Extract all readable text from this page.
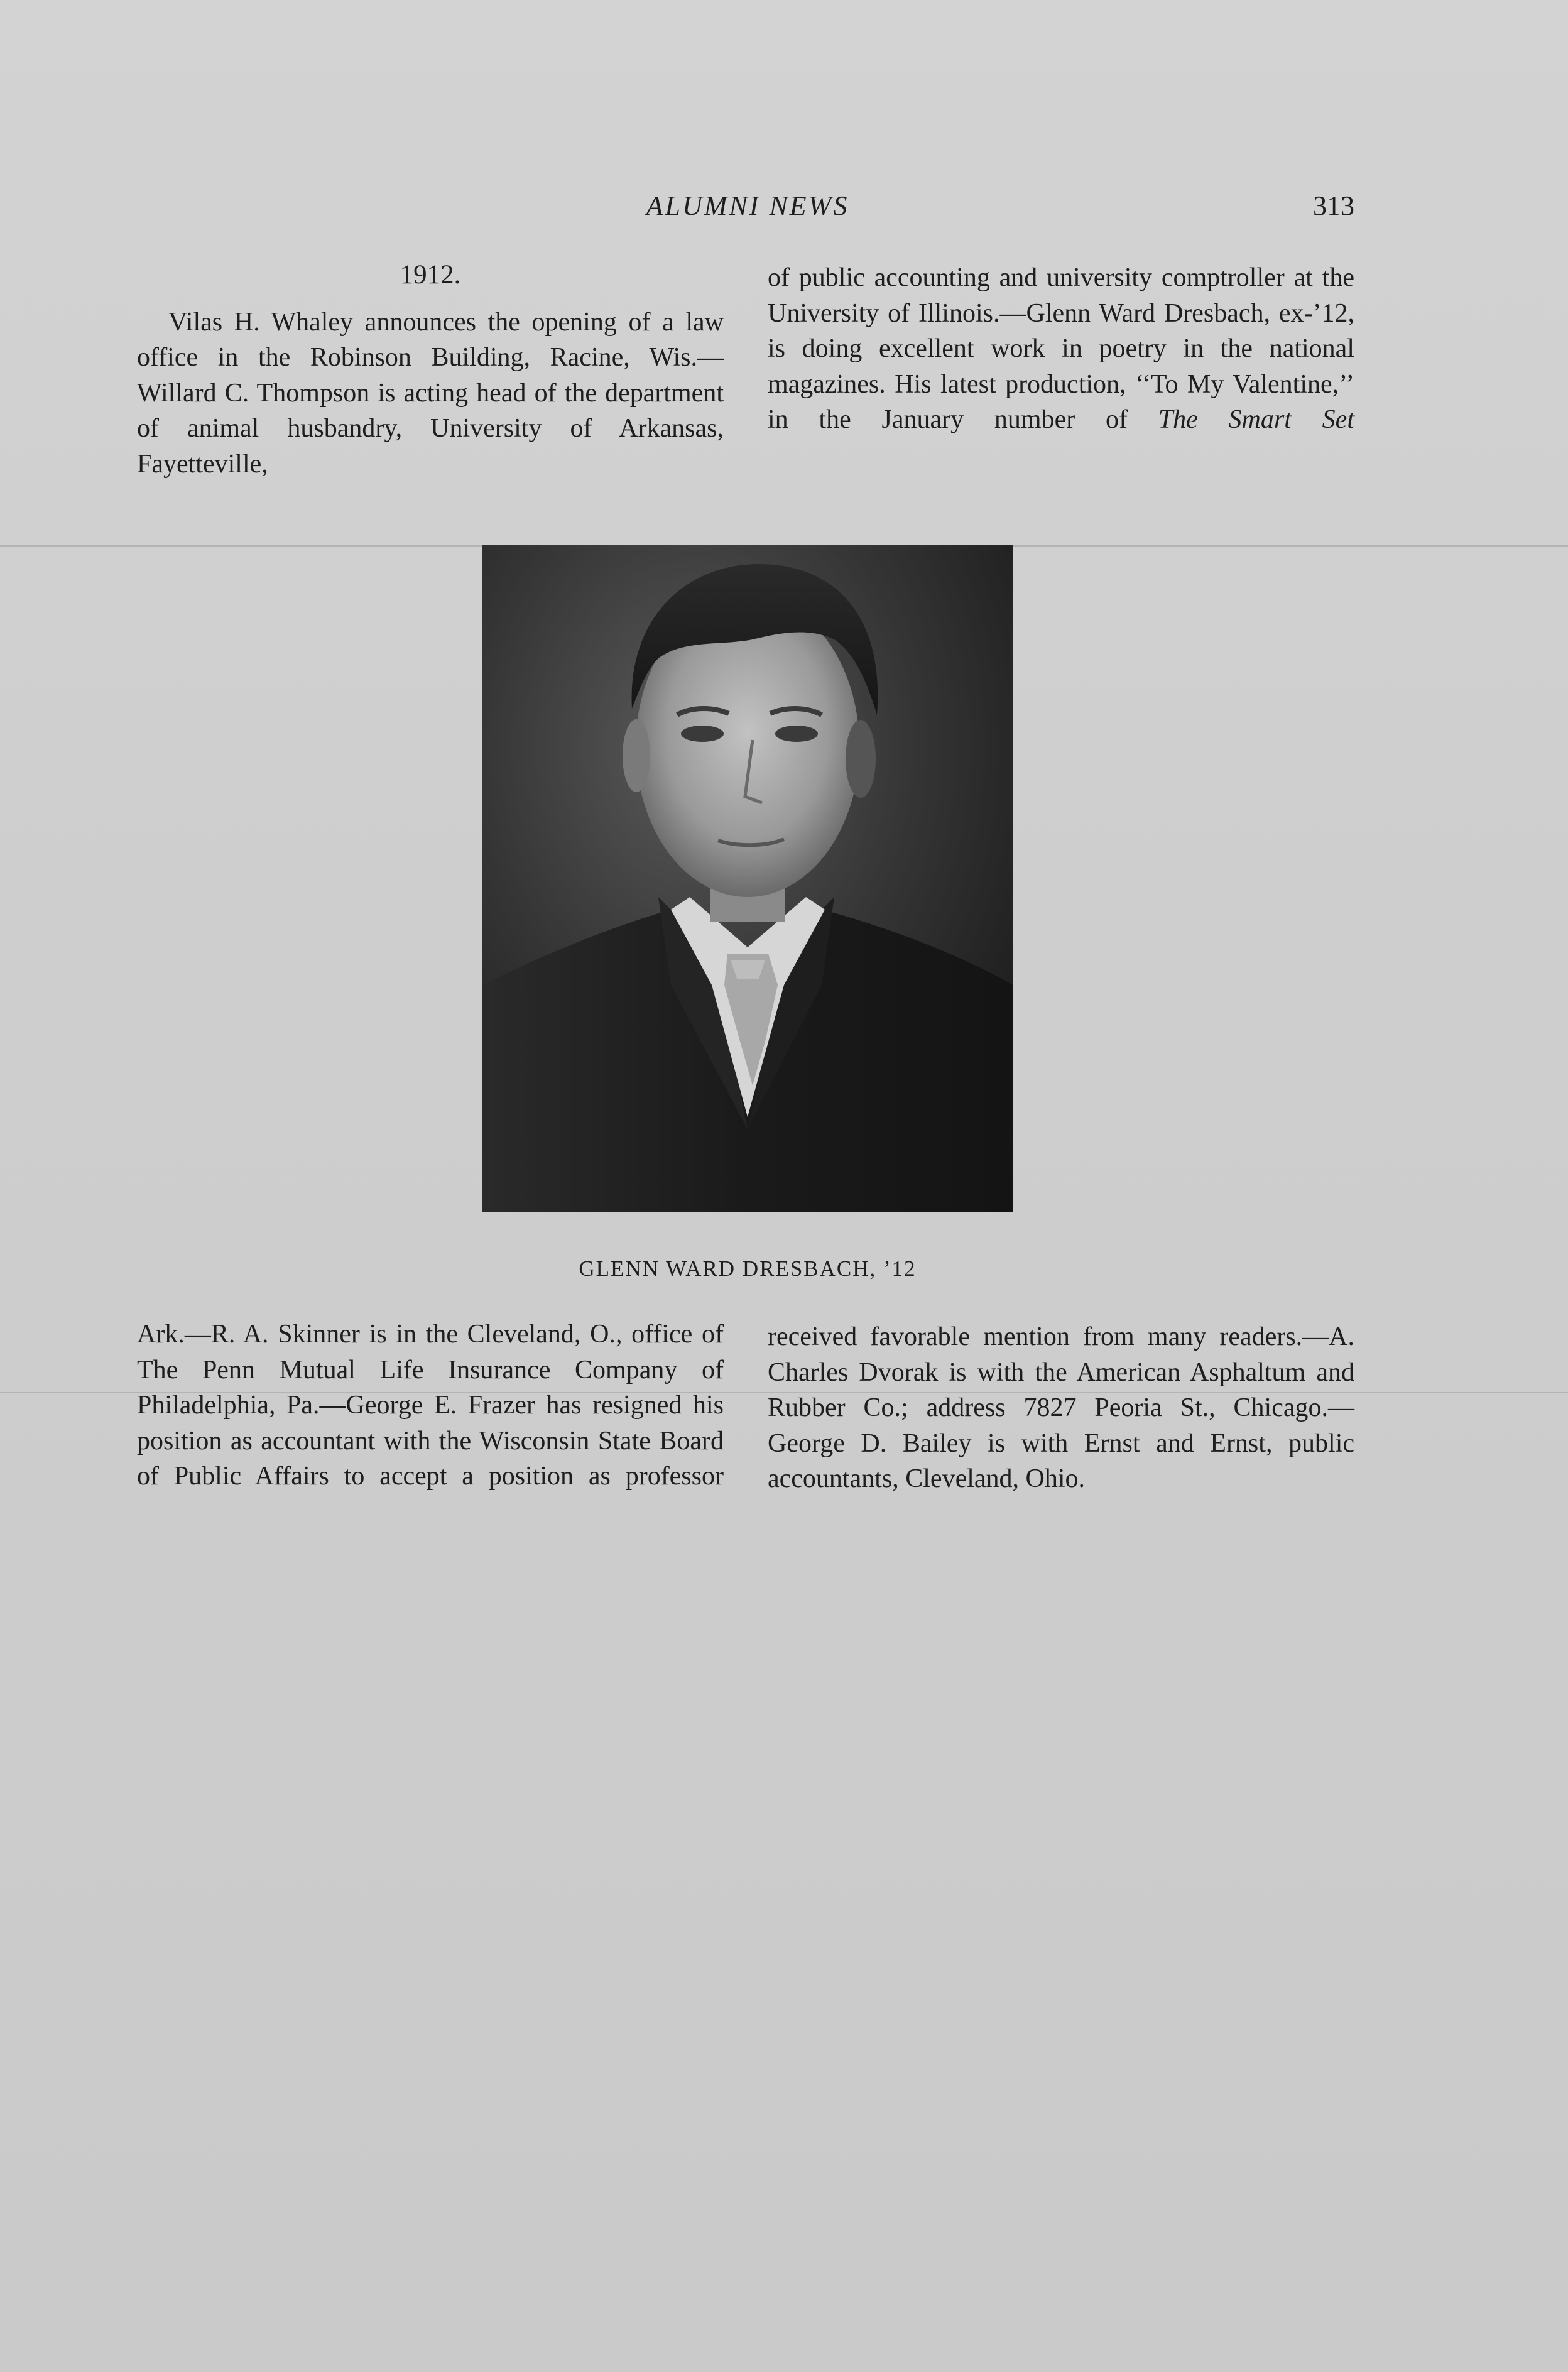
ALUMNI NEWS	313

1912.

Vilas H. Whaley announces the opening of a law office in the Robinson Building, Racine, Wis.—Willard C. Thompson is acting head of the department of animal husbandry, University of Arkansas, Fayetteville,

of public accounting and university comptroller at the University of Illinois.—Glenn Ward Dresbach, ex-’12, is doing excellent work in poetry in the national magazines. His latest production, ‘‘To My Valentine,’’ in the January number of The Smart Set

GLENN WARD DRESBACH, ’12

Ark.—R. A. Skinner is in the Cleveland, O., office of The Penn Mutual Life Insurance Company of Philadelphia, Pa.—George E. Frazer has resigned his position as accountant with the Wisconsin State Board of Public Affairs to accept a position as professor

received favorable mention from many readers.—A. Charles Dvorak is with the American Asphaltum and Rubber Co.; address 7827 Peoria St., Chicago.—George D. Bailey is with Ernst and Ernst, public accountants, Cleveland, Ohio.
